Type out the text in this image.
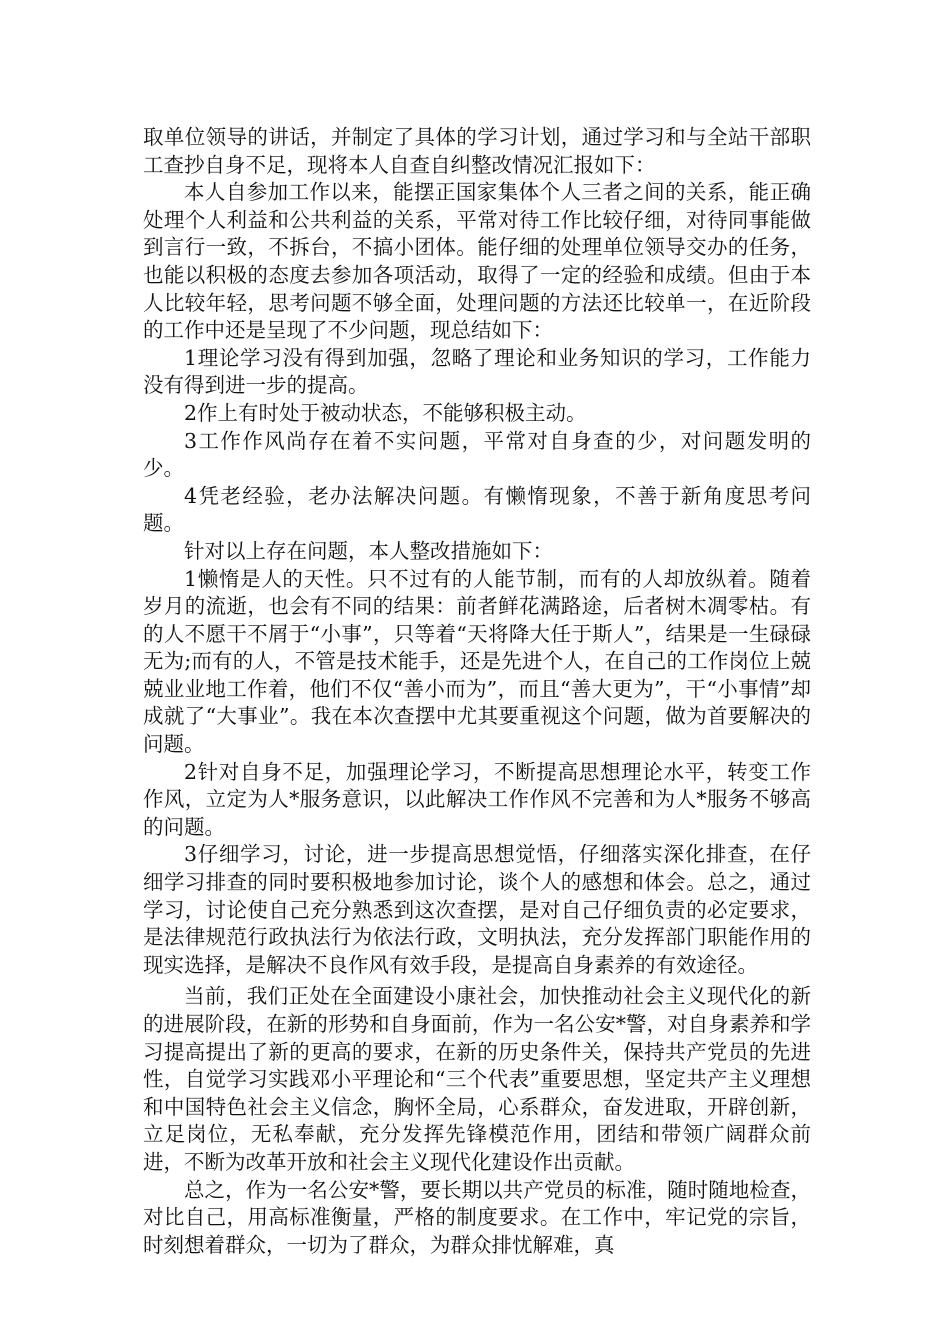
取单位领导的讲话，并制定了具体的学习计划，通过学习和与全站干部职工查抄自身不足，现将本人自查自纠整改情况汇报如下：

本人自参加工作以来，能摆正国家集体个人三者之间的关系，能正确处理个人利益和公共利益的关系，平常对待工作比较仔细，对待同事能做到言行一致，不拆台，不搞小团体。能仔细的处理单位领导交办的任务，也能以积极的态度去参加各项活动，取得了一定的经验和成绩。但由于本人比较年轻，思考问题不够全面，处理问题的方法还比较单一，在近阶段的工作中还是呈现了不少问题，现总结如下：

1理论学习没有得到加强，忽略了理论和业务知识的学习，工作能力没有得到进一步的提高。

2作上有时处于被动状态，不能够积极主动。

3工作作风尚存在着不实问题，平常对自身查的少，对问题发明的少。

4凭老经验，老办法解决问题。有懒惰现象，不善于新角度思考问题。

针对以上存在问题，本人整改措施如下：

1懒惰是人的天性。只不过有的人能节制，而有的人却放纵着。随着岁月的流逝，也会有不同的结果：前者鲜花满路途，后者树木凋零枯。有的人不愿干不屑于“小事”，只等着“天将降大任于斯人”，结果是一生碌碌无为;而有的人，不管是技术能手，还是先进个人，在自己的工作岗位上兢兢业业地工作着，他们不仅“善小而为”，而且“善大更为”，干“小事情”却成就了“大事业”。我在本次查摆中尤其要重视这个问题，做为首要解决的问题。

2针对自身不足，加强理论学习，不断提高思想理论水平，转变工作作风，立定为人*服务意识，以此解决工作作风不完善和为人*服务不够高的问题。

3仔细学习，讨论，进一步提高思想觉悟，仔细落实深化排查，在仔细学习排查的同时要积极地参加讨论，谈个人的感想和体会。总之，通过学习，讨论使自己充分熟悉到这次查摆，是对自己仔细负责的必定要求，是法律规范行政执法行为依法行政，文明执法，充分发挥部门职能作用的现实选择，是解决不良作风有效手段，是提高自身素养的有效途径。

当前，我们正处在全面建设小康社会，加快推动社会主义现代化的新的进展阶段，在新的形势和自身面前，作为一名公安*警，对自身素养和学习提高提出了新的更高的要求，在新的历史条件关，保持共产党员的先进性，自觉学习实践邓小平理论和“三个代表”重要思想，坚定共产主义理想和中国特色社会主义信念，胸怀全局，心系群众，奋发进取，开辟创新，立足岗位，无私奉献，充分发挥先锋模范作用，团结和带领广阔群众前进，不断为改革开放和社会主义现代化建设作出贡献。

总之，作为一名公安*警，要长期以共产党员的标准，随时随地检查，对比自己，用高标准衡量，严格的制度要求。在工作中，牢记党的宗旨，时刻想着群众，一切为了群众，为群众排忧解难，真
